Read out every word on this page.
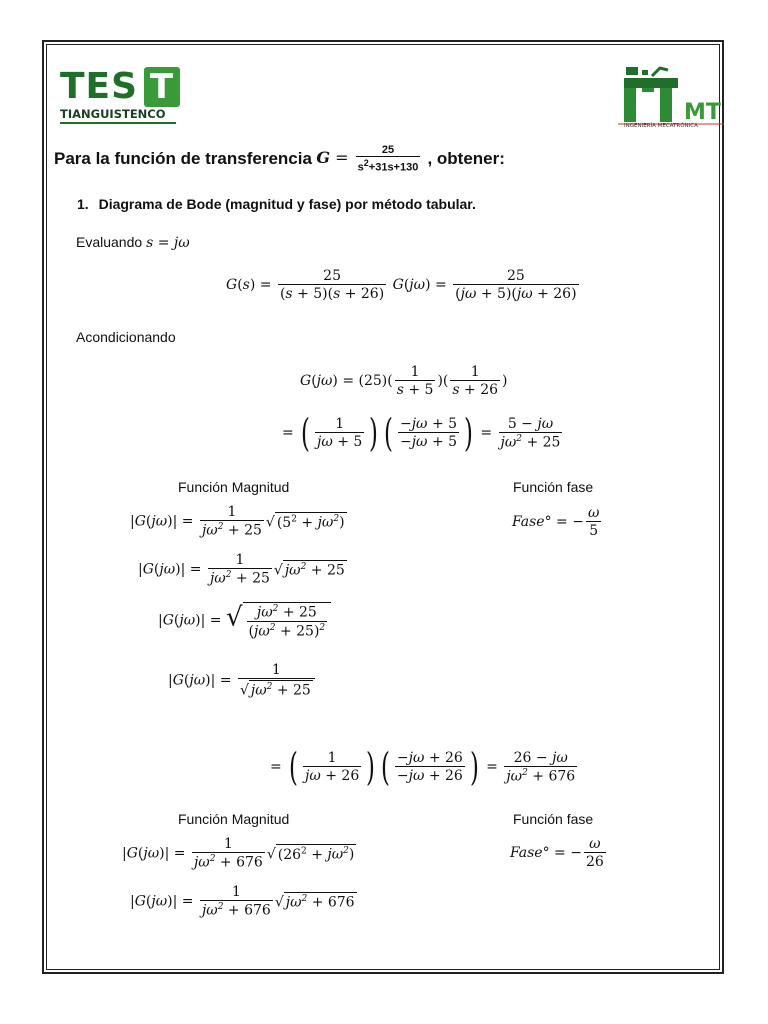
TES T
TIANGUISTENCO	MT
INGENIERÍA MECATRÓNICA
Para la función de transferencia $G = \frac{25}{s^2+31s+130}$ , obtener:
1. Diagrama de Bode (magnitud y fase) por método tabular.
Evaluando s = jω
$G(s) = \frac{25}{(s + 5)(s + 26)} G(j\omega) = \frac{25}{(j\omega + 5)(j\omega + 26)}$
Acondicionando
$G(j\omega) = (25)( \frac{1}{s + 5}$ )( $\frac{1}{s + 26}$ )
= ( $\frac{1}{j\omega + 5}$ ) ( $\frac{-j\omega + 5}{-j\omega + 5}$ ) = $\frac{5 - j\omega}{j\omega^2 + 25}$
Función Magnitud	Función fase
$|G(j\omega)| = \frac{1}{j\omega^2 + 25}$ √ $(5^2 + j\omega^2)$	Fase° = − $\frac{\omega}{5}$
$|G(j\omega)| = \frac{1}{j\omega^2 + 25}$ √ $j\omega^2 + 25$
|G(jω)| = √ $\frac{j\omega^2 + 25}{(j\omega^2 + 25)^2}$
$|G(j\omega)| = \frac{1}{√ j\omega^2 + 25}$
= ( $\frac{1}{j\omega + 26}$ ) ( $\frac{-j\omega + 26}{-j\omega + 26}$ ) = $\frac{26 - j\omega}{j\omega^2 + 676}$
Función Magnitud	Función fase
$|G(j\omega)| = \frac{1}{j\omega^2 + 676}$ √ $(26^2 + j\omega^2)$	Fase° = − $\frac{\omega}{26}$
$|G(j\omega)| = \frac{1}{j\omega^2 + 676}$ √ $j\omega^2 + 676$
